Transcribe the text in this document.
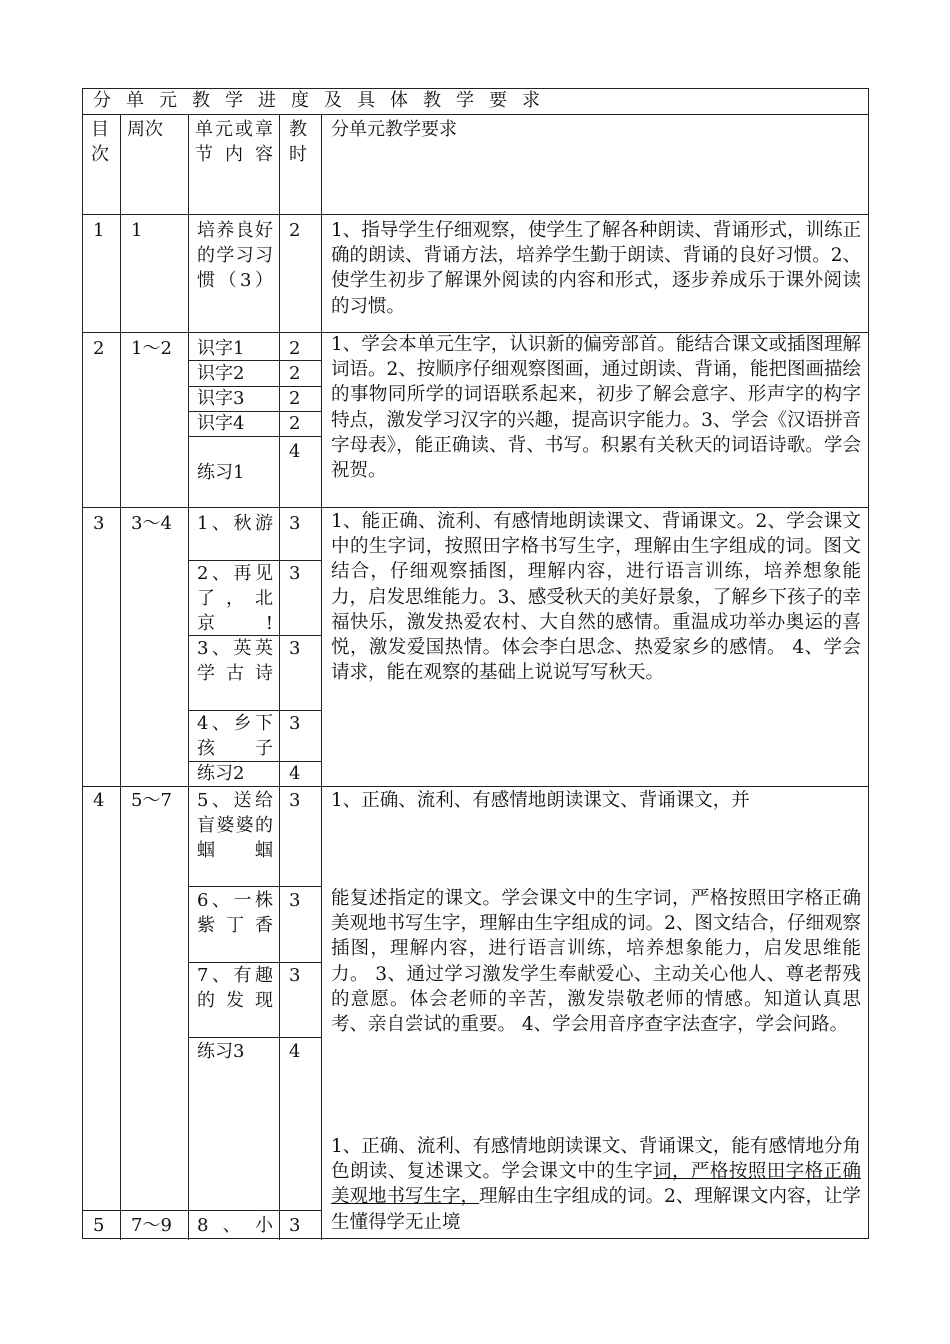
分单元教学进度及具体教学要求
目次
周次 单元或章节内容
教时
分单元教学要求
1 1	培养良好的学习习惯（3）
2 1、指导学生仔细观察，使学生了解各种朗读、背诵形式，训练正确的朗读、背诵方法，培养学生勤于朗读、背诵的良好习惯。2、使学生初步了解课外阅读的内容和形式，逐步养成乐于课外阅读的习惯。
2 1～2 识字1 2
识字2 2
识字3 2
识字4 2
练习1
4
1、学会本单元生字，认识新的偏旁部首。能结合课文或插图理解词语。2、按顺序仔细观察图画，通过朗读、背诵，能把图画描绘的事物同所学的词语联系起来，初步了解会意字、形声字的构字特点，激发学习汉字的兴趣，提高识字能力。3、学会《汉语拼音字母表》，能正确读、背、书写。积累有关秋天的词语诗歌。学会祝贺。
3 3～4 1、秋游 3
2、再见了，北京!
3
3、英英学古诗
3
4、乡下孩子
3
练习2 4
1、能正确、流利、有感情地朗读课文、背诵课文。2、学会课文中的生字词，按照田字格书写生字，理解由生字组成的词。图文结合，仔细观察插图，理解内容，进行语言训练，培养想象能力，启发思维能力。3、感受秋天的美好景象，了解乡下孩子的幸福快乐，激发热爱农村、大自然的感情。重温成功举办奥运的喜悦，激发爱国热情。体会李白思念、热爱家乡的感情。 4、学会请求，能在观察的基础上说说写写秋天。
4 5～7 5、送给盲婆婆的蝈蝈
3
6、一株紫丁香
3
7、有趣的发现
3
练习3 4
1、正确、流利、有感情地朗读课文、背诵课文，并
能复述指定的课文。学会课文中的生字词，严格按照田字格正确美观地书写生字，理解由生字组成的词。2、图文结合，仔细观察插图，理解内容，进行语言训练，培养想象能力，启发思维能力。 3、通过学习激发学生奉献爱心、主动关心他人、尊老帮残的意愿。体会老师的辛苦，激发崇敬老师的情感。知道认真思考、亲自尝试的重要。 4、学会用音序查字法查字，学会问路。
1、正确、流利、有感情地朗读课文、背诵课文，能有感情地分角色朗读、复述课文。学会课文中的生字词，严格按照田字格正确美观地书写生字，理解由生字组成的词。2、理解课文内容，让学生懂得学无止境
5 7～9 8、小 3
